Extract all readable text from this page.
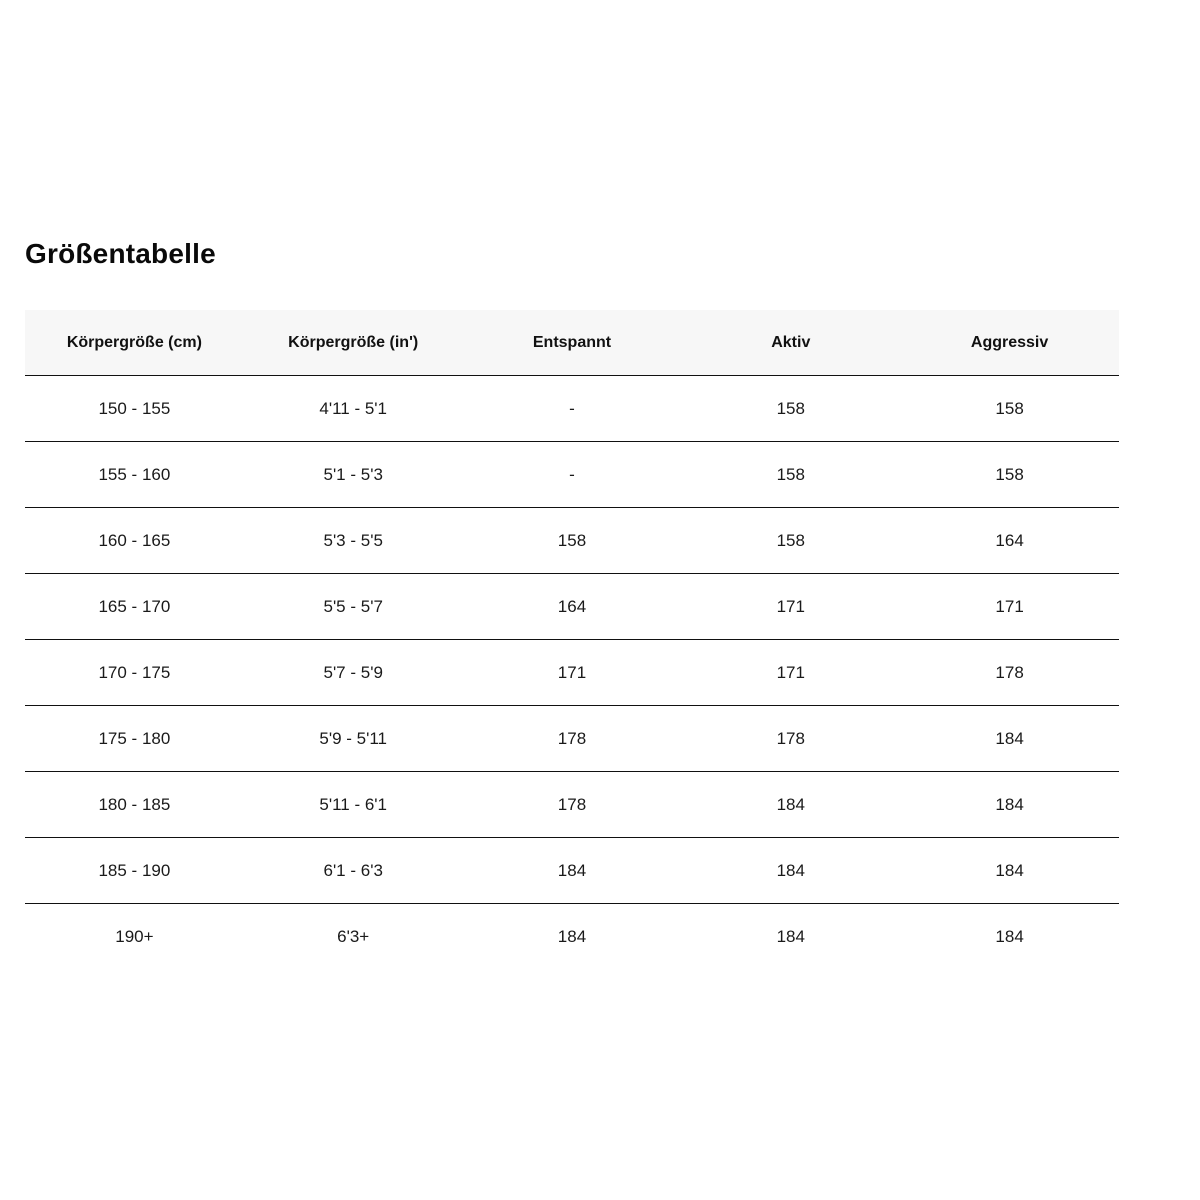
Größentabelle
Körpergröße (cm)	Körpergröße (in')	Entspannt	Aktiv	Aggressiv
150 - 155	4'11 - 5'1	-	158	158
155 - 160	5'1 - 5'3	-	158	158
160 - 165	5'3 - 5'5	158	158	164
165 - 170	5'5 - 5'7	164	171	171
170 - 175	5'7 - 5'9	171	171	178
175 - 180	5'9 - 5'11	178	178	184
180 - 185	5'11 - 6'1	178	184	184
185 - 190	6'1 - 6'3	184	184	184
190+	6'3+	184	184	184
